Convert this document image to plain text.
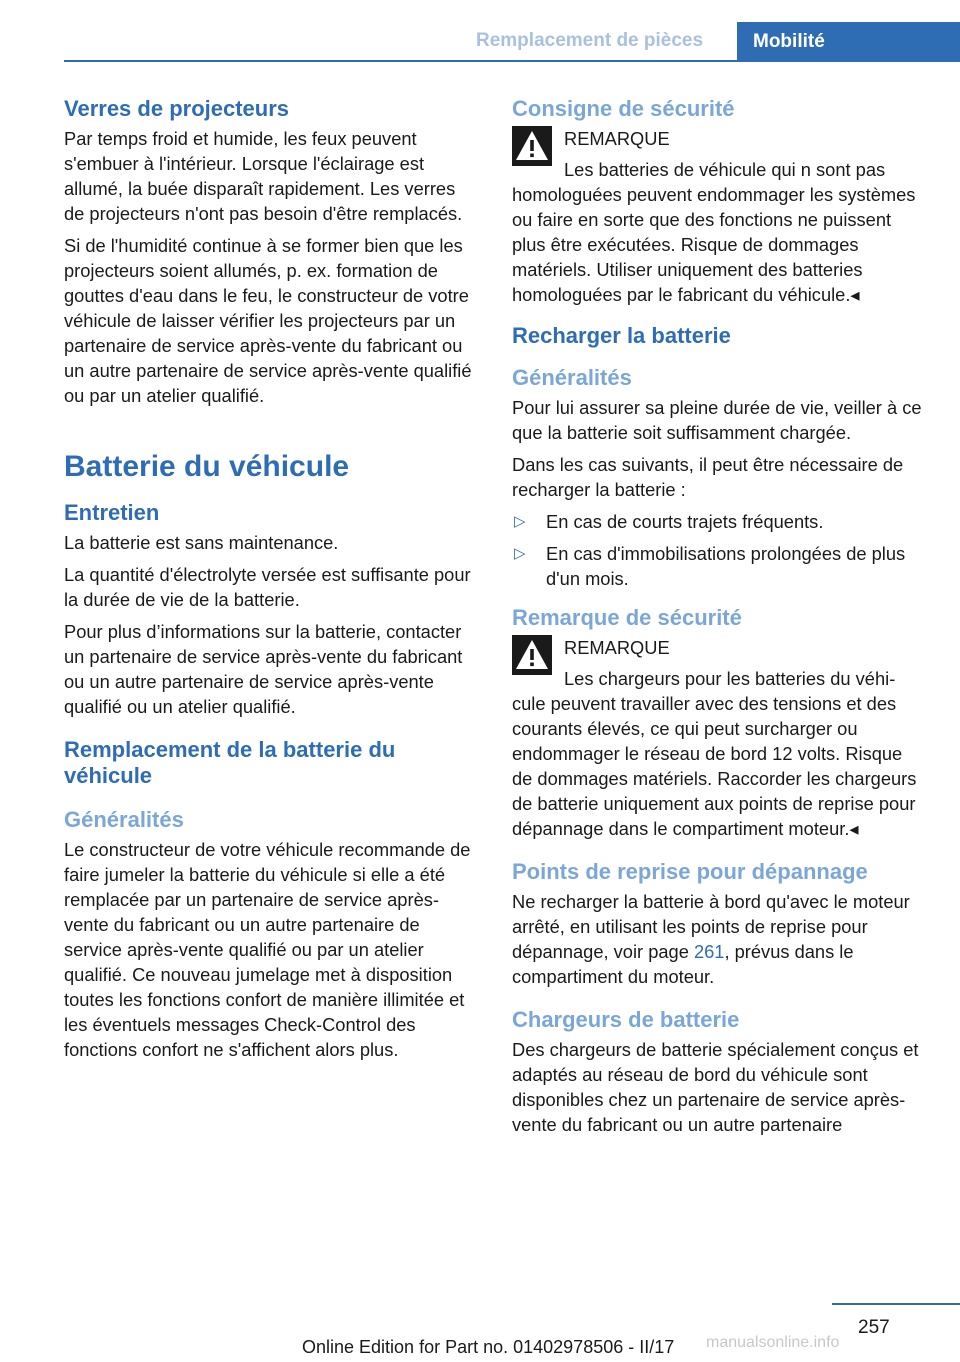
Remplacement de pièces	Mobilité
Verres de projecteurs

Par temps froid et humide, les feux peuvent s'embuer à l'intérieur. Lorsque l'éclairage est allumé, la buée disparaît rapidement. Les verres de projecteurs n'ont pas besoin d'être remplacés.

Si de l'humidité continue à se former bien que les projecteurs soient allumés, p. ex. formation de gouttes d'eau dans le feu, le constructeur de votre véhicule de laisser vérifier les projecteurs par un partenaire de service après-vente du fabricant ou un autre partenaire de service après-vente qualifié ou par un atelier qualifié.

Batterie du véhicule
Entretien

La batterie est sans maintenance.

La quantité d'électrolyte versée est suffisante pour la durée de vie de la batterie.

Pour plus d’informations sur la batterie, contacter un partenaire de service après-vente du fabricant ou un autre partenaire de service après-vente qualifié ou un atelier qualifié.

Remplacement de la batterie du véhicule
Généralités

Le constructeur de votre véhicule recommande de faire jumeler la batterie du véhicule si elle a été remplacée par un partenaire de service après-vente du fabricant ou un autre partenaire de service après-vente qualifié ou par un atelier qualifié. Ce nouveau jumelage met à disposition toutes les fonctions confort de manière illimitée et les éventuels messages Check-Control des fonctions confort ne s'affichent alors plus.

Consigne de sécurité
REMARQUE
Les batteries de véhicule qui n sont pas
homologuées peuvent endommager les systèmes ou faire en sorte que des fonctions ne puissent plus être exécutées. Risque de dommages matériels. Utiliser uniquement des batteries homologuées par le fabricant du véhicule.◂
Recharger la batterie
Généralités

Pour lui assurer sa pleine durée de vie, veiller à ce que la batterie soit suffisamment chargée.

Dans les cas suivants, il peut être nécessaire de recharger la batterie :

▷ En cas de courts trajets fréquents.
▷ En cas d'immobilisations prolongées de plus d'un mois.
Remarque de sécurité
REMARQUE
Les chargeurs pour les batteries du véhi-
cule peuvent travailler avec des tensions et des courants élevés, ce qui peut surcharger ou endommager le réseau de bord 12 volts. Risque de dommages matériels. Raccorder les chargeurs de batterie uniquement aux points de reprise pour dépannage dans le compartiment moteur.◂
Points de reprise pour dépannage

Ne recharger la batterie à bord qu'avec le moteur arrêté, en utilisant les points de reprise pour dépannage, voir page 261, prévus dans le compartiment du moteur.

Chargeurs de batterie

Des chargeurs de batterie spécialement conçus et adaptés au réseau de bord du véhicule sont disponibles chez un partenaire de service après-vente du fabricant ou un autre partenaire

257
manualsonline.info
Online Edition for Part no. 01402978506 - II/17
